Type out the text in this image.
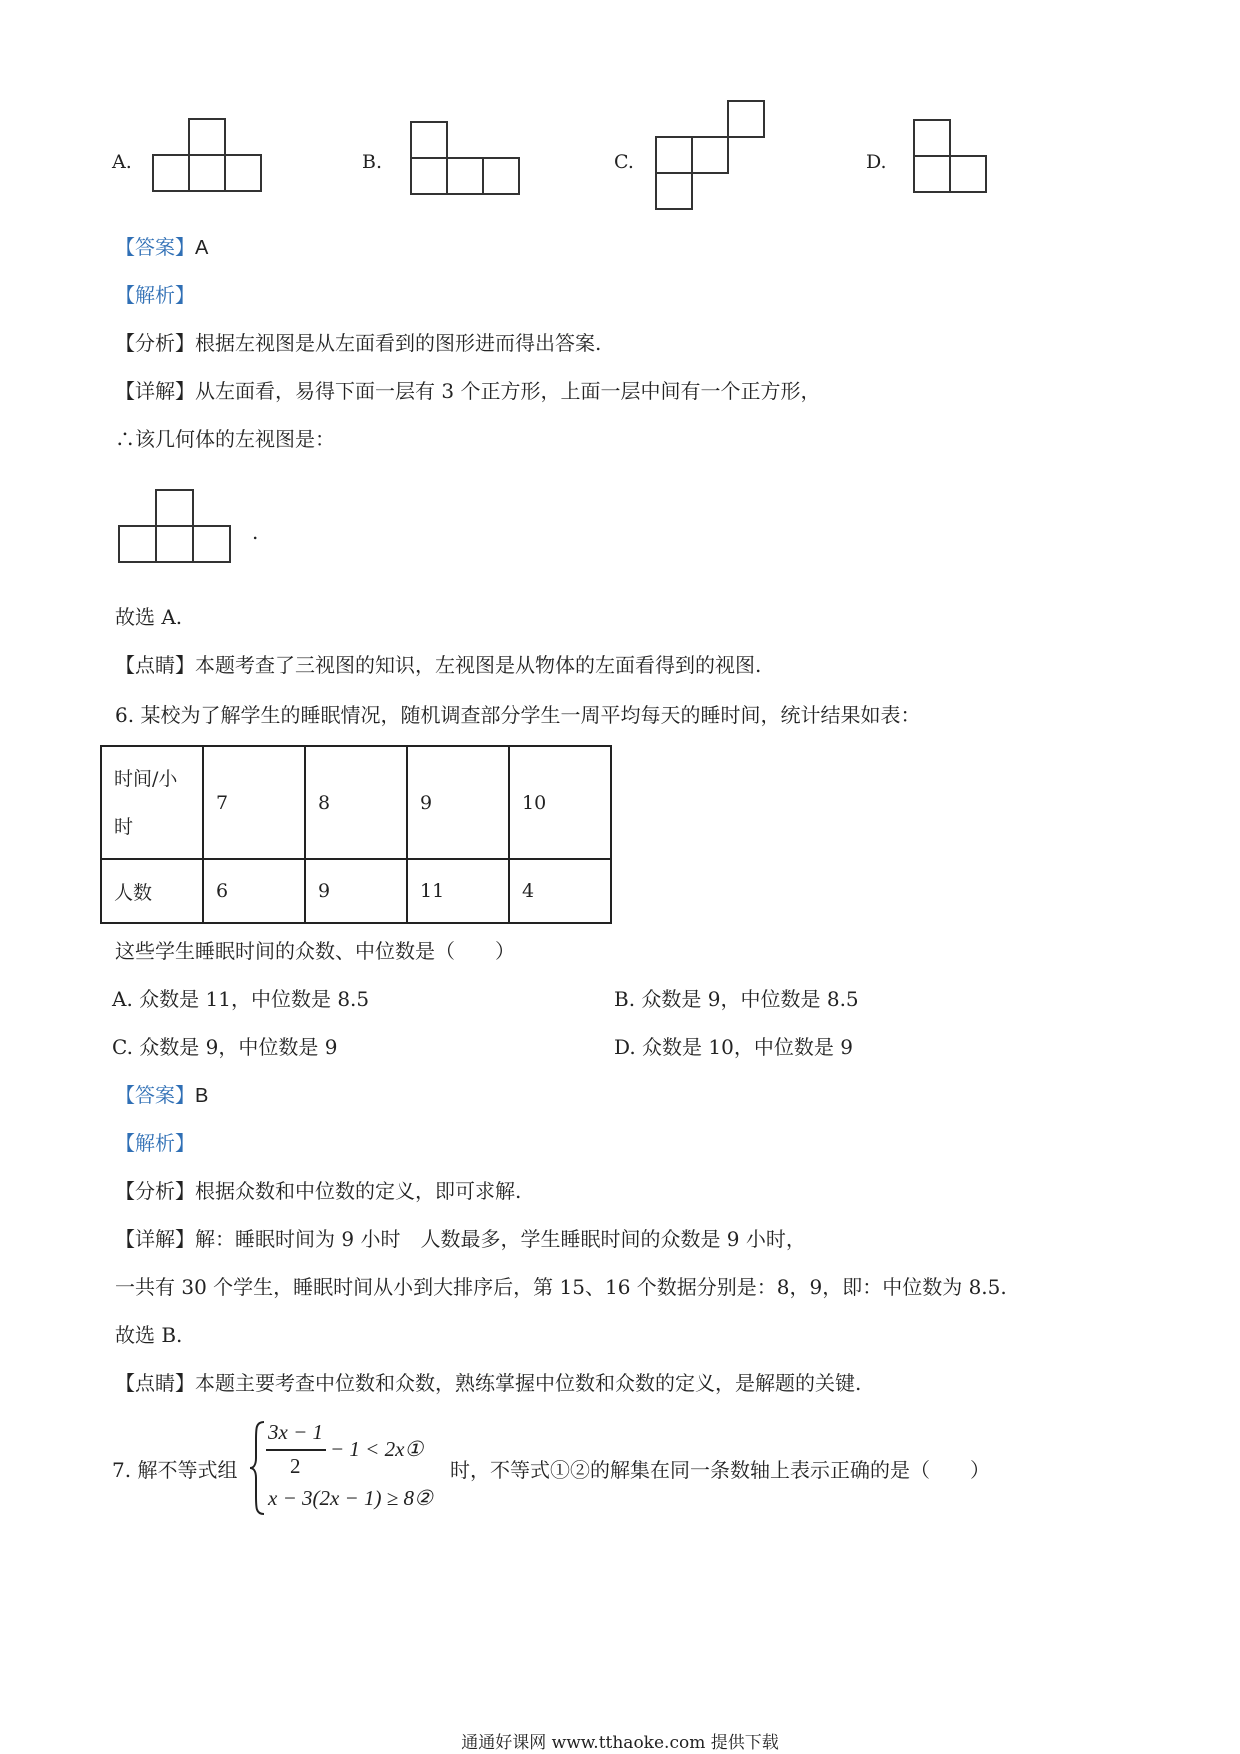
A.	B.	C.	D.
【答案】A
【解析】
【分析】根据左视图是从左面看到的图形进而得出答案.
【详解】从左面看，易得下面一层有 3 个正方形，上面一层中间有一个正方形，
∴该几何体的左视图是：
.
故选 A.
【点睛】本题考查了三视图的知识，左视图是从物体的左面看得到的视图.
6. 某校为了解学生的睡眠情况，随机调查部分学生一周平均每天的睡时间，统计结果如表：
时间/小
时	7	8	9	10
人数	6	9	11	4
这些学生睡眠时间的众数、中位数是（　　）
A. 众数是 11，中位数是 8.5	B. 众数是 9，中位数是 8.5
C. 众数是 9，中位数是 9	D. 众数是 10，中位数是 9
【答案】B
【解析】
【分析】根据众数和中位数的定义，即可求解.
【详解】解：睡眠时间为 9 小时　人数最多，学生睡眠时间的众数是 9 小时，
一共有 30 个学生，睡眠时间从小到大排序后，第 15、16 个数据分别是：8，9，即：中位数为 8.5.
故选 B.
【点睛】本题主要考查中位数和众数，熟练掌握中位数和众数的定义，是解题的关键.
7. 解不等式组
3x − 1
2
− 1 < 2x①
x − 3(2x − 1) ≥ 8②
时，不等式①②的解集在同一条数轴上表示正确的是（　　）
通通好课网 www.tthaoke.com 提供下载
